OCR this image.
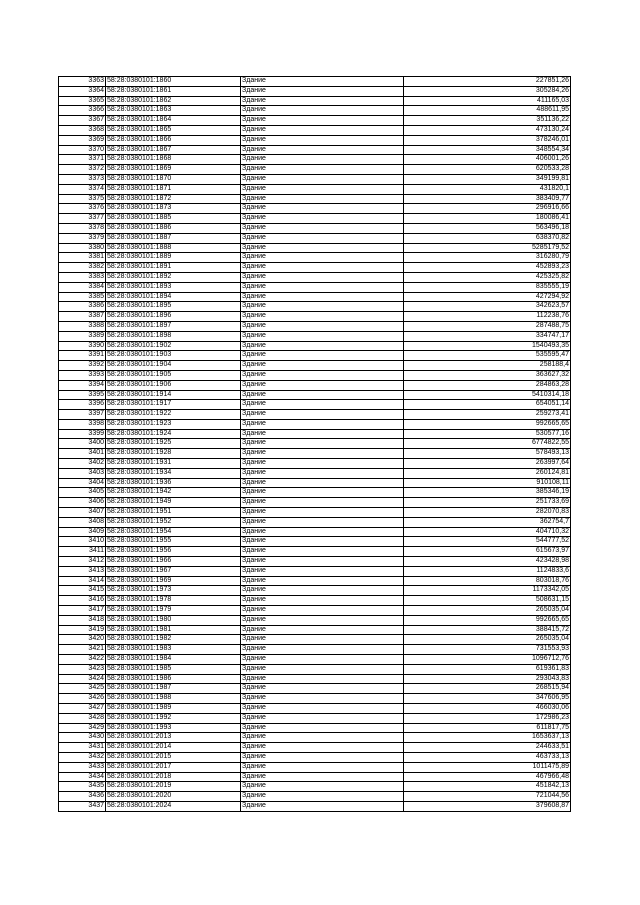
3363	58:28:0380101:1860	Здание	227851,26
3364	58:28:0380101:1861	Здание	305284,26
3365	58:28:0380101:1862	Здание	411165,03
3366	58:28:0380101:1863	Здание	488611,95
3367	58:28:0380101:1864	Здание	351136,22
3368	58:28:0380101:1865	Здание	473130,24
3369	58:28:0380101:1866	Здание	378246,01
3370	58:28:0380101:1867	Здание	348554,34
3371	58:28:0380101:1868	Здание	406001,26
3372	58:28:0380101:1869	Здание	620533,28
3373	58:28:0380101:1870	Здание	349199,81
3374	58:28:0380101:1871	Здание	431820,1
3375	58:28:0380101:1872	Здание	383409,77
3376	58:28:0380101:1873	Здание	296916,66
3377	58:28:0380101:1885	Здание	180086,41
3378	58:28:0380101:1886	Здание	563496,18
3379	58:28:0380101:1887	Здание	638370,82
3380	58:28:0380101:1888	Здание	5285179,52
3381	58:28:0380101:1889	Здание	316280,79
3382	58:28:0380101:1891	Здание	452893,23
3383	58:28:0380101:1892	Здание	425325,82
3384	58:28:0380101:1893	Здание	835555,19
3385	58:28:0380101:1894	Здание	427294,92
3386	58:28:0380101:1895	Здание	342623,57
3387	58:28:0380101:1896	Здание	112238,76
3388	58:28:0380101:1897	Здание	287488,75
3389	58:28:0380101:1898	Здание	334747,17
3390	58:28:0380101:1902	Здание	1540493,35
3391	58:28:0380101:1903	Здание	535595,47
3392	58:28:0380101:1904	Здание	258188,4
3393	58:28:0380101:1905	Здание	363627,32
3394	58:28:0380101:1906	Здание	284863,28
3395	58:28:0380101:1914	Здание	5410314,18
3396	58:28:0380101:1917	Здание	654051,14
3397	58:28:0380101:1922	Здание	259273,41
3398	58:28:0380101:1923	Здание	992665,65
3399	58:28:0380101:1924	Здание	530577,16
3400	58:28:0380101:1925	Здание	6774822,55
3401	58:28:0380101:1928	Здание	578493,13
3402	58:28:0380101:1931	Здание	263997,64
3403	58:28:0380101:1934	Здание	260124,81
3404	58:28:0380101:1936	Здание	910108,11
3405	58:28:0380101:1942	Здание	385346,19
3406	58:28:0380101:1949	Здание	251733,69
3407	58:28:0380101:1951	Здание	282070,83
3408	58:28:0380101:1952	Здание	362754,7
3409	58:28:0380101:1954	Здание	404710,32
3410	58:28:0380101:1955	Здание	544777,52
3411	58:28:0380101:1956	Здание	615673,97
3412	58:28:0380101:1966	Здание	423428,98
3413	58:28:0380101:1967	Здание	1124833,6
3414	58:28:0380101:1969	Здание	803018,76
3415	58:28:0380101:1973	Здание	1173342,05
3416	58:28:0380101:1978	Здание	508631,15
3417	58:28:0380101:1979	Здание	265035,04
3418	58:28:0380101:1980	Здание	992665,65
3419	58:28:0380101:1981	Здание	388415,72
3420	58:28:0380101:1982	Здание	265035,04
3421	58:28:0380101:1983	Здание	731553,93
3422	58:28:0380101:1984	Здание	1096712,76
3423	58:28:0380101:1985	Здание	619361,83
3424	58:28:0380101:1986	Здание	293043,83
3425	58:28:0380101:1987	Здание	268515,94
3426	58:28:0380101:1988	Здание	347606,95
3427	58:28:0380101:1989	Здание	466030,06
3428	58:28:0380101:1992	Здание	172986,23
3429	58:28:0380101:1993	Здание	611817,75
3430	58:28:0380101:2013	Здание	1653637,13
3431	58:28:0380101:2014	Здание	244633,51
3432	58:28:0380101:2015	Здание	463733,13
3433	58:28:0380101:2017	Здание	1011475,89
3434	58:28:0380101:2018	Здание	467966,48
3435	58:28:0380101:2019	Здание	451842,13
3436	58:28:0380101:2020	Здание	721044,56
3437	58:28:0380101:2024	Здание	379608,87
